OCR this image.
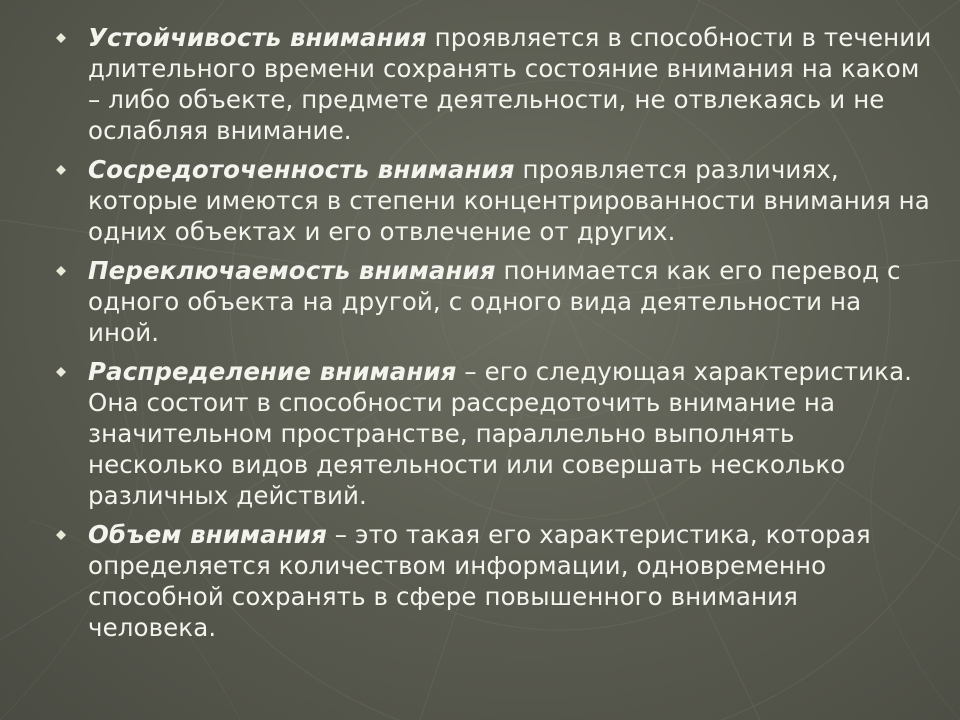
Устойчивость внимания проявляется в способности в течении длительного времени сохранять состояние внимания на каком – либо объекте, предмете деятельности, не отвлекаясь и не ослабляя внимание.
Сосредоточенность внимания проявляется различиях, которые имеются в степени концентрированности внимания на одних объектах и его отвлечение от других.
Переключаемость внимания понимается как его перевод с одного объекта на другой, с одного вида деятельности на иной.
Распределение внимания – его следующая характеристика. Она состоит в способности рассредоточить внимание на значительном пространстве, параллельно выполнять несколько видов деятельности или совершать несколько различных действий.
Объем внимания – это такая его характеристика, которая определяется количеством информации, одновременно способной сохранять в сфере повышенного внимания человека.
